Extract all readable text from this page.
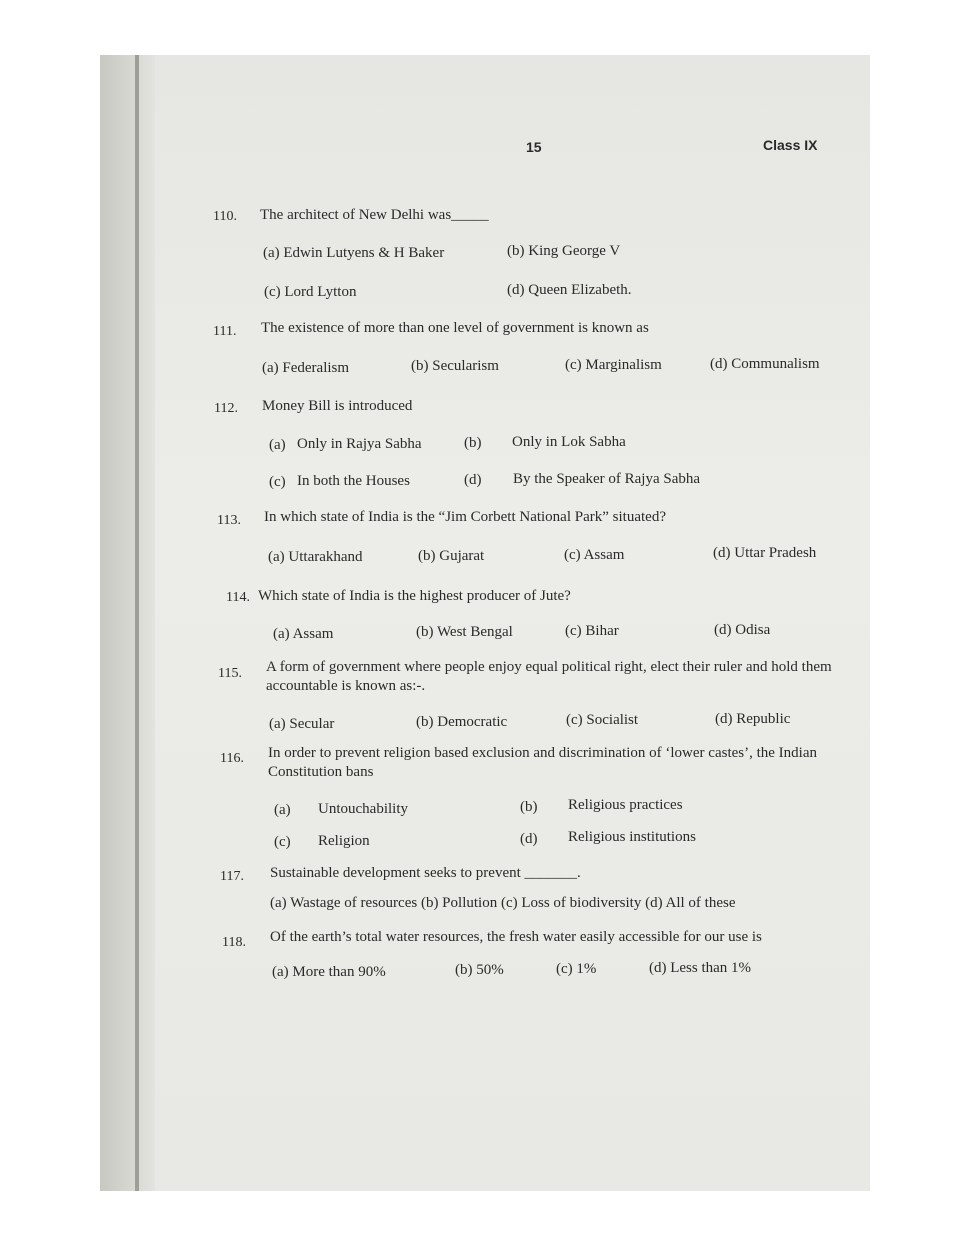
15	Class IX
110. The architect of New Delhi was_____
(a) Edwin Lutyens & H Baker	(b) King George V
(c) Lord Lytton	(d) Queen Elizabeth.
111. The existence of more than one level of government is known as
(a) Federalism	(b) Secularism	(c) Marginalism	(d) Communalism
112. Money Bill is introduced
(a) Only in Rajya Sabha	(b) Only in Lok Sabha
(c) In both the Houses	(d) By the Speaker of Rajya Sabha
113. In which state of India is the “Jim Corbett National Park” situated?
(a) Uttarakhand	(b) Gujarat	(c) Assam	(d) Uttar Pradesh
114. Which state of India is the highest producer of Jute?
(a) Assam	(b) West Bengal	(c) Bihar	(d) Odisa
115. A form of government where people enjoy equal political right, elect their ruler and hold them accountable is known as:-.
(a) Secular	(b) Democratic	(c) Socialist	(d) Republic
116. In order to prevent religion based exclusion and discrimination of ‘lower castes’, the Indian Constitution bans
(a) Untouchability	(b) Religious practices
(c) Religion	(d) Religious institutions
117. Sustainable development seeks to prevent _______.
(a) Wastage of resources (b) Pollution (c) Loss of biodiversity (d) All of these
118. Of the earth’s total water resources, the fresh water easily accessible for our use is
(a) More than 90%	(b) 50%	(c) 1%	(d) Less than 1%
